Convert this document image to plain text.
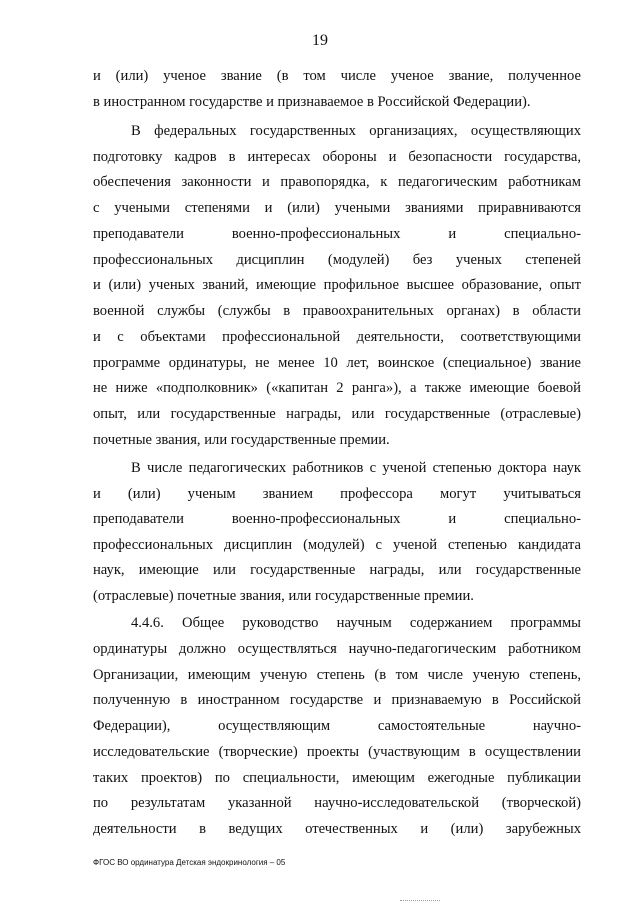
19
и (или) ученое звание (в том числе ученое звание, полученное
в иностранном государстве и признаваемое в Российской Федерации).
В федеральных государственных организациях, осуществляющих
подготовку кадров в интересах обороны и безопасности государства,
обеспечения законности и правопорядка, к педагогическим работникам
с учеными степенями и (или) учеными званиями приравниваются
преподаватели военно-профессиональных и специально-
профессиональных дисциплин (модулей) без ученых степеней
и (или) ученых званий, имеющие профильное высшее образование, опыт
военной службы (службы в правоохранительных органах) в области
и с объектами профессиональной деятельности, соответствующими
программе ординатуры, не менее 10 лет, воинское (специальное) звание
не ниже «подполковник» («капитан 2 ранга»), а также имеющие боевой
опыт, или государственные награды, или государственные (отраслевые)
почетные звания, или государственные премии.
В числе педагогических работников с ученой степенью доктора наук
и (или) ученым званием профессора могут учитываться
преподаватели военно-профессиональных и специально-
профессиональных дисциплин (модулей) с ученой степенью кандидата
наук, имеющие или государственные награды, или государственные
(отраслевые) почетные звания, или государственные премии.
4.4.6. Общее руководство научным содержанием программы
ординатуры должно осуществляться научно-педагогическим работником
Организации, имеющим ученую степень (в том числе ученую степень,
полученную в иностранном государстве и признаваемую в Российской
Федерации), осуществляющим самостоятельные научно-
исследовательские (творческие) проекты (участвующим в осуществлении
таких проектов) по специальности, имеющим ежегодные публикации
по результатам указанной научно-исследовательской (творческой)
деятельности в ведущих отечественных и (или) зарубежных
ФГОС ВО ординатура Детская эндокринология – 05
